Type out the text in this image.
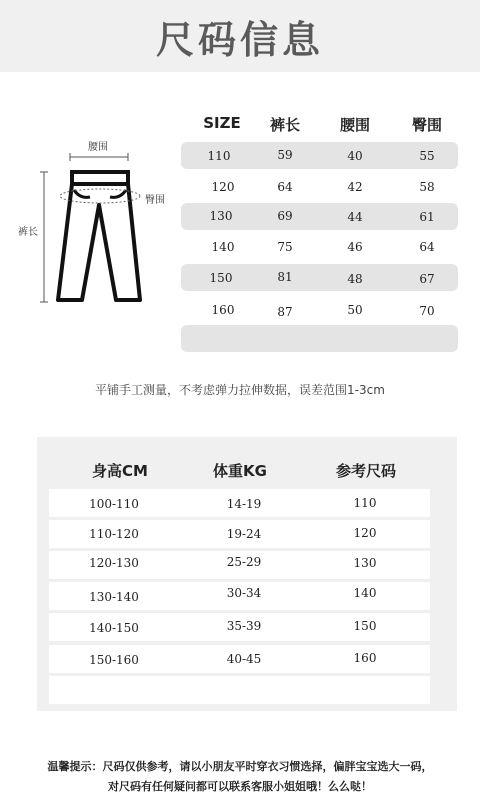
尺码信息
腰围
臀围
裤长
SIZE	裤长	腰围	臀围
110	59	40	55
120	64	42	58
130	69	44	61
140	75	46	64
150	81	48	67
160	87	50	70
平铺手工测量，不考虑弹力拉伸数据，误差范围1-3cm
身高CM	体重KG	参考尺码
100-110	14-19	110
110-120	19-24	120
120-130	25-29	130
130-140	30-34	140
140-150	35-39	150
150-160	40-45	160
温馨提示：尺码仅供参考，请以小朋友平时穿衣习惯选择，偏胖宝宝选大一码，
对尺码有任何疑问都可以联系客服小姐姐哦！么么哒！
